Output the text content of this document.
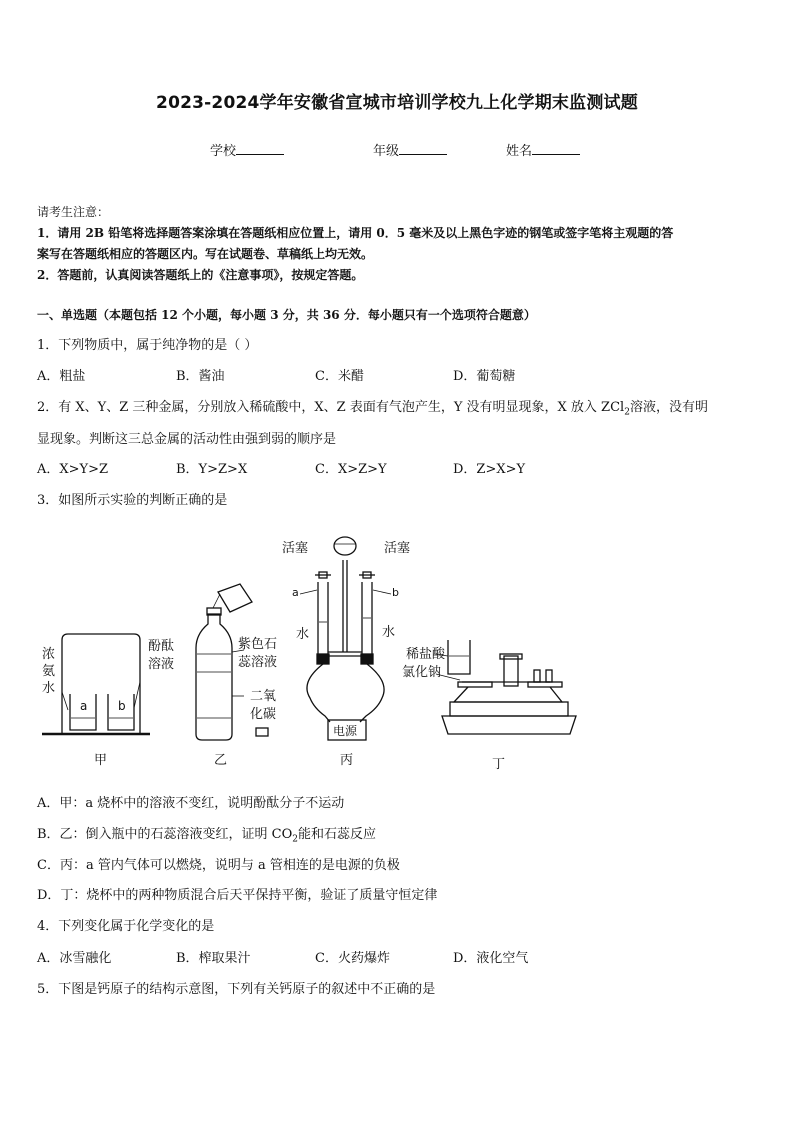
2023-2024学年安徽省宣城市培训学校九上化学期末监测试题
学校	年级	姓名
请考生注意：
1．请用 2B 铅笔将选择题答案涂填在答题纸相应位置上，请用 0．5 毫米及以上黑色字迹的钢笔或签字笔将主观题的答
案写在答题纸相应的答题区内。写在试题卷、草稿纸上均无效。
2．答题前，认真阅读答题纸上的《注意事项》，按规定答题。
一、单选题（本题包括 12 个小题，每小题 3 分，共 36 分．每小题只有一个选项符合题意）
1．下列物质中，属于纯净物的是（ ）
A．粗盐	B．酱油	C．米醋	D．葡萄糖
2．有 X、Y、Z 三种金属，分别放入稀硫酸中，X、Z 表面有气泡产生，Y 没有明显现象，X 放入 ZCl$_2$溶液，没有明
显现象。判断这三总金属的活动性由强到弱的顺序是
A．X>Y>Z	B．Y>Z>X	C．X>Z>Y	D．Z>X>Y
3．如图所示实验的判断正确的是
浓
氨
水
酚酞
溶液
a	b
甲
紫色石
蕊溶液
二氧
化碳
乙
活塞	活塞
a	b
水	水
电源
丙
稀盐酸
氯化钠
丁
A．甲：a 烧杯中的溶液不变红，说明酚酞分子不运动
B．乙：倒入瓶中的石蕊溶液变红，证明 $CO_2$能和石蕊反应
C．丙：a 管内气体可以燃烧，说明与 a 管相连的是电源的负极
D．丁：烧杯中的两种物质混合后天平保持平衡，验证了质量守恒定律
4．下列变化属于化学变化的是
A．冰雪融化	B．榨取果汁	C．火药爆炸	D．液化空气
5．下图是钙原子的结构示意图，下列有关钙原子的叙述中不正确的是
